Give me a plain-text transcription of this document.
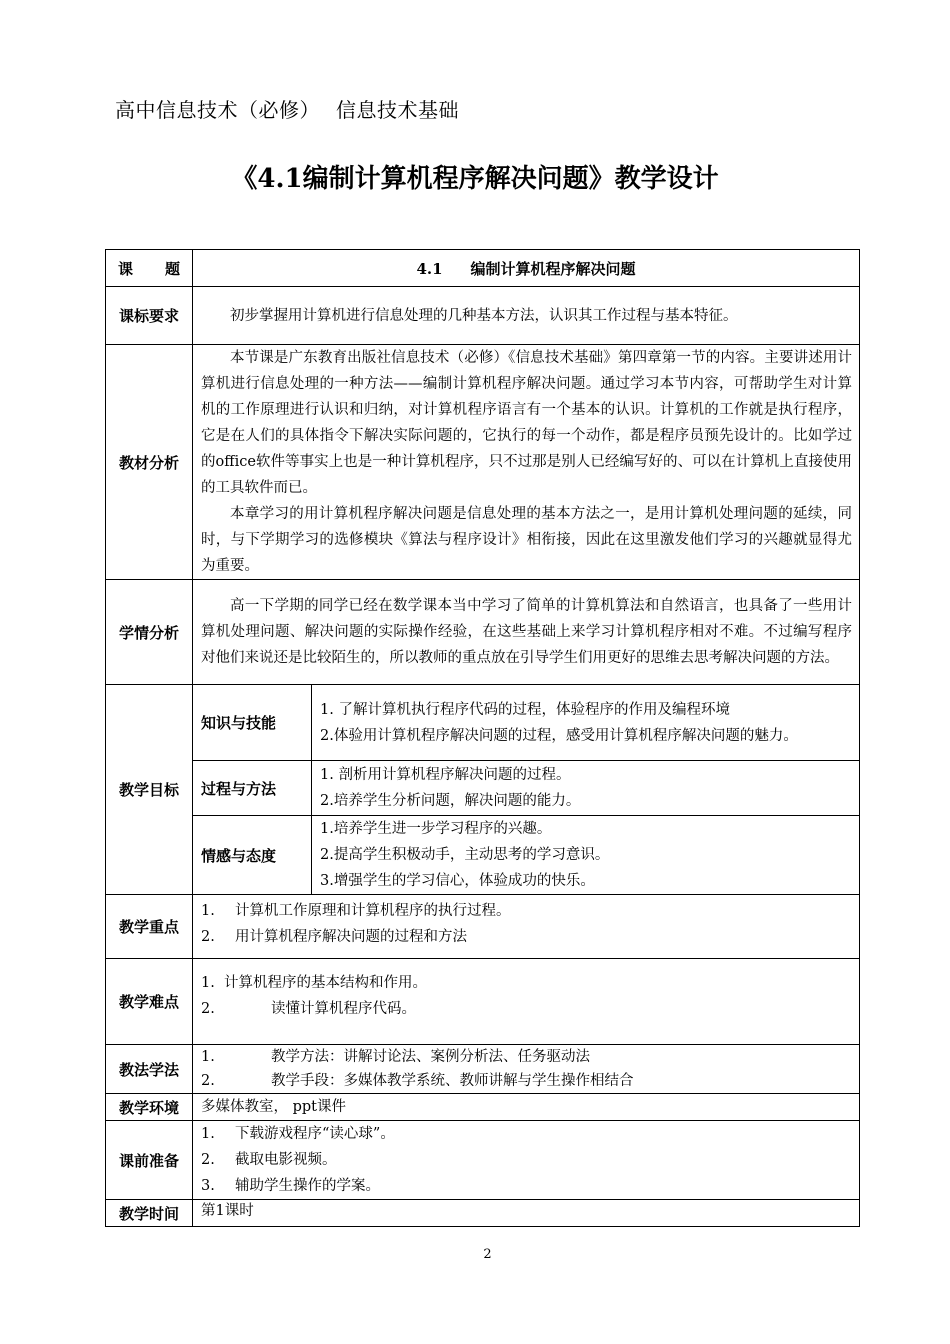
高中信息技术（必修） 信息技术基础
《4.1编制计算机程序解决问题》教学设计
课 题	4.1 编制计算机程序解决问题	
课标要求	初步掌握用计算机进行信息处理的几种基本方法，认识其工作过程与基本特征。	

教材分析	本节课是广东教育出版社信息技术（必修）《信息技术基础》第四章第一节的内容。主要讲述用计算机进行信息处理的一种方法——编制计算机程序解决问题。通过学习本节内容，可帮助学生对计算机的工作原理进行认识和归纳，对计算机程序语言有一个基本的认识。计算机的工作就是执行程序，它是在人们的具体指令下解决实际问题的，它执行的每一个动作，都是程序员预先设计的。比如学过的office软件等事实上也是一种计算机程序，只不过那是别人已经编写好的、可以在计算机上直接使用的工具软件而已。

本章学习的用计算机程序解决问题是信息处理的基本方法之一，是用计算机处理问题的延续，同时，与下学期学习的选修模块《算法与程序设计》相衔接，因此在这里激发他们学习的兴趣就显得尤为重要。	

学情分析	高一下学期的同学已经在数学课本当中学习了简单的计算机算法和自然语言，也具备了一些用计算机处理问题、解决问题的实际操作经验，在这些基础上来学习计算机程序相对不难。不过编写程序对他们来说还是比较陌生的，所以教师的重点放在引导学生们用更好的思维去思考解决问题的方法。	

教学目标	知识与技能	1. 了解计算机执行程序代码的过程，体验程序的作用及编程环境
2.体验用计算机程序解决问题的过程，感受用计算机程序解决问题的魅力。

	过程与方法	1. 剖析用计算机程序解决问题的过程。
2.培养学生分析问题，解决问题的能力。

	情感与态度	1.培养学生进一步学习程序的兴趣。
2.提高学生积极动手，主动思考的学习意识。
3.增强学生的学习信心，体验成功的快乐。

教学重点	1. 计算机工作原理和计算机程序的执行过程。
2. 用计算机程序解决问题的过程和方法	

教学难点	1.  计算机程序的基本结构和作用。
2. 读懂计算机程序代码。	

教法学法	1. 教学方法：讲解讨论法、案例分析法、任务驱动法
2. 教学手段：多媒体教学系统、教师讲解与学生操作相结合	

教学环境	多媒体教室， ppt课件	

课前准备	1. 下载游戏程序“读心球”。
2. 截取电影视频。
3. 辅助学生操作的学案。	

教学时间	第1课时	
2
